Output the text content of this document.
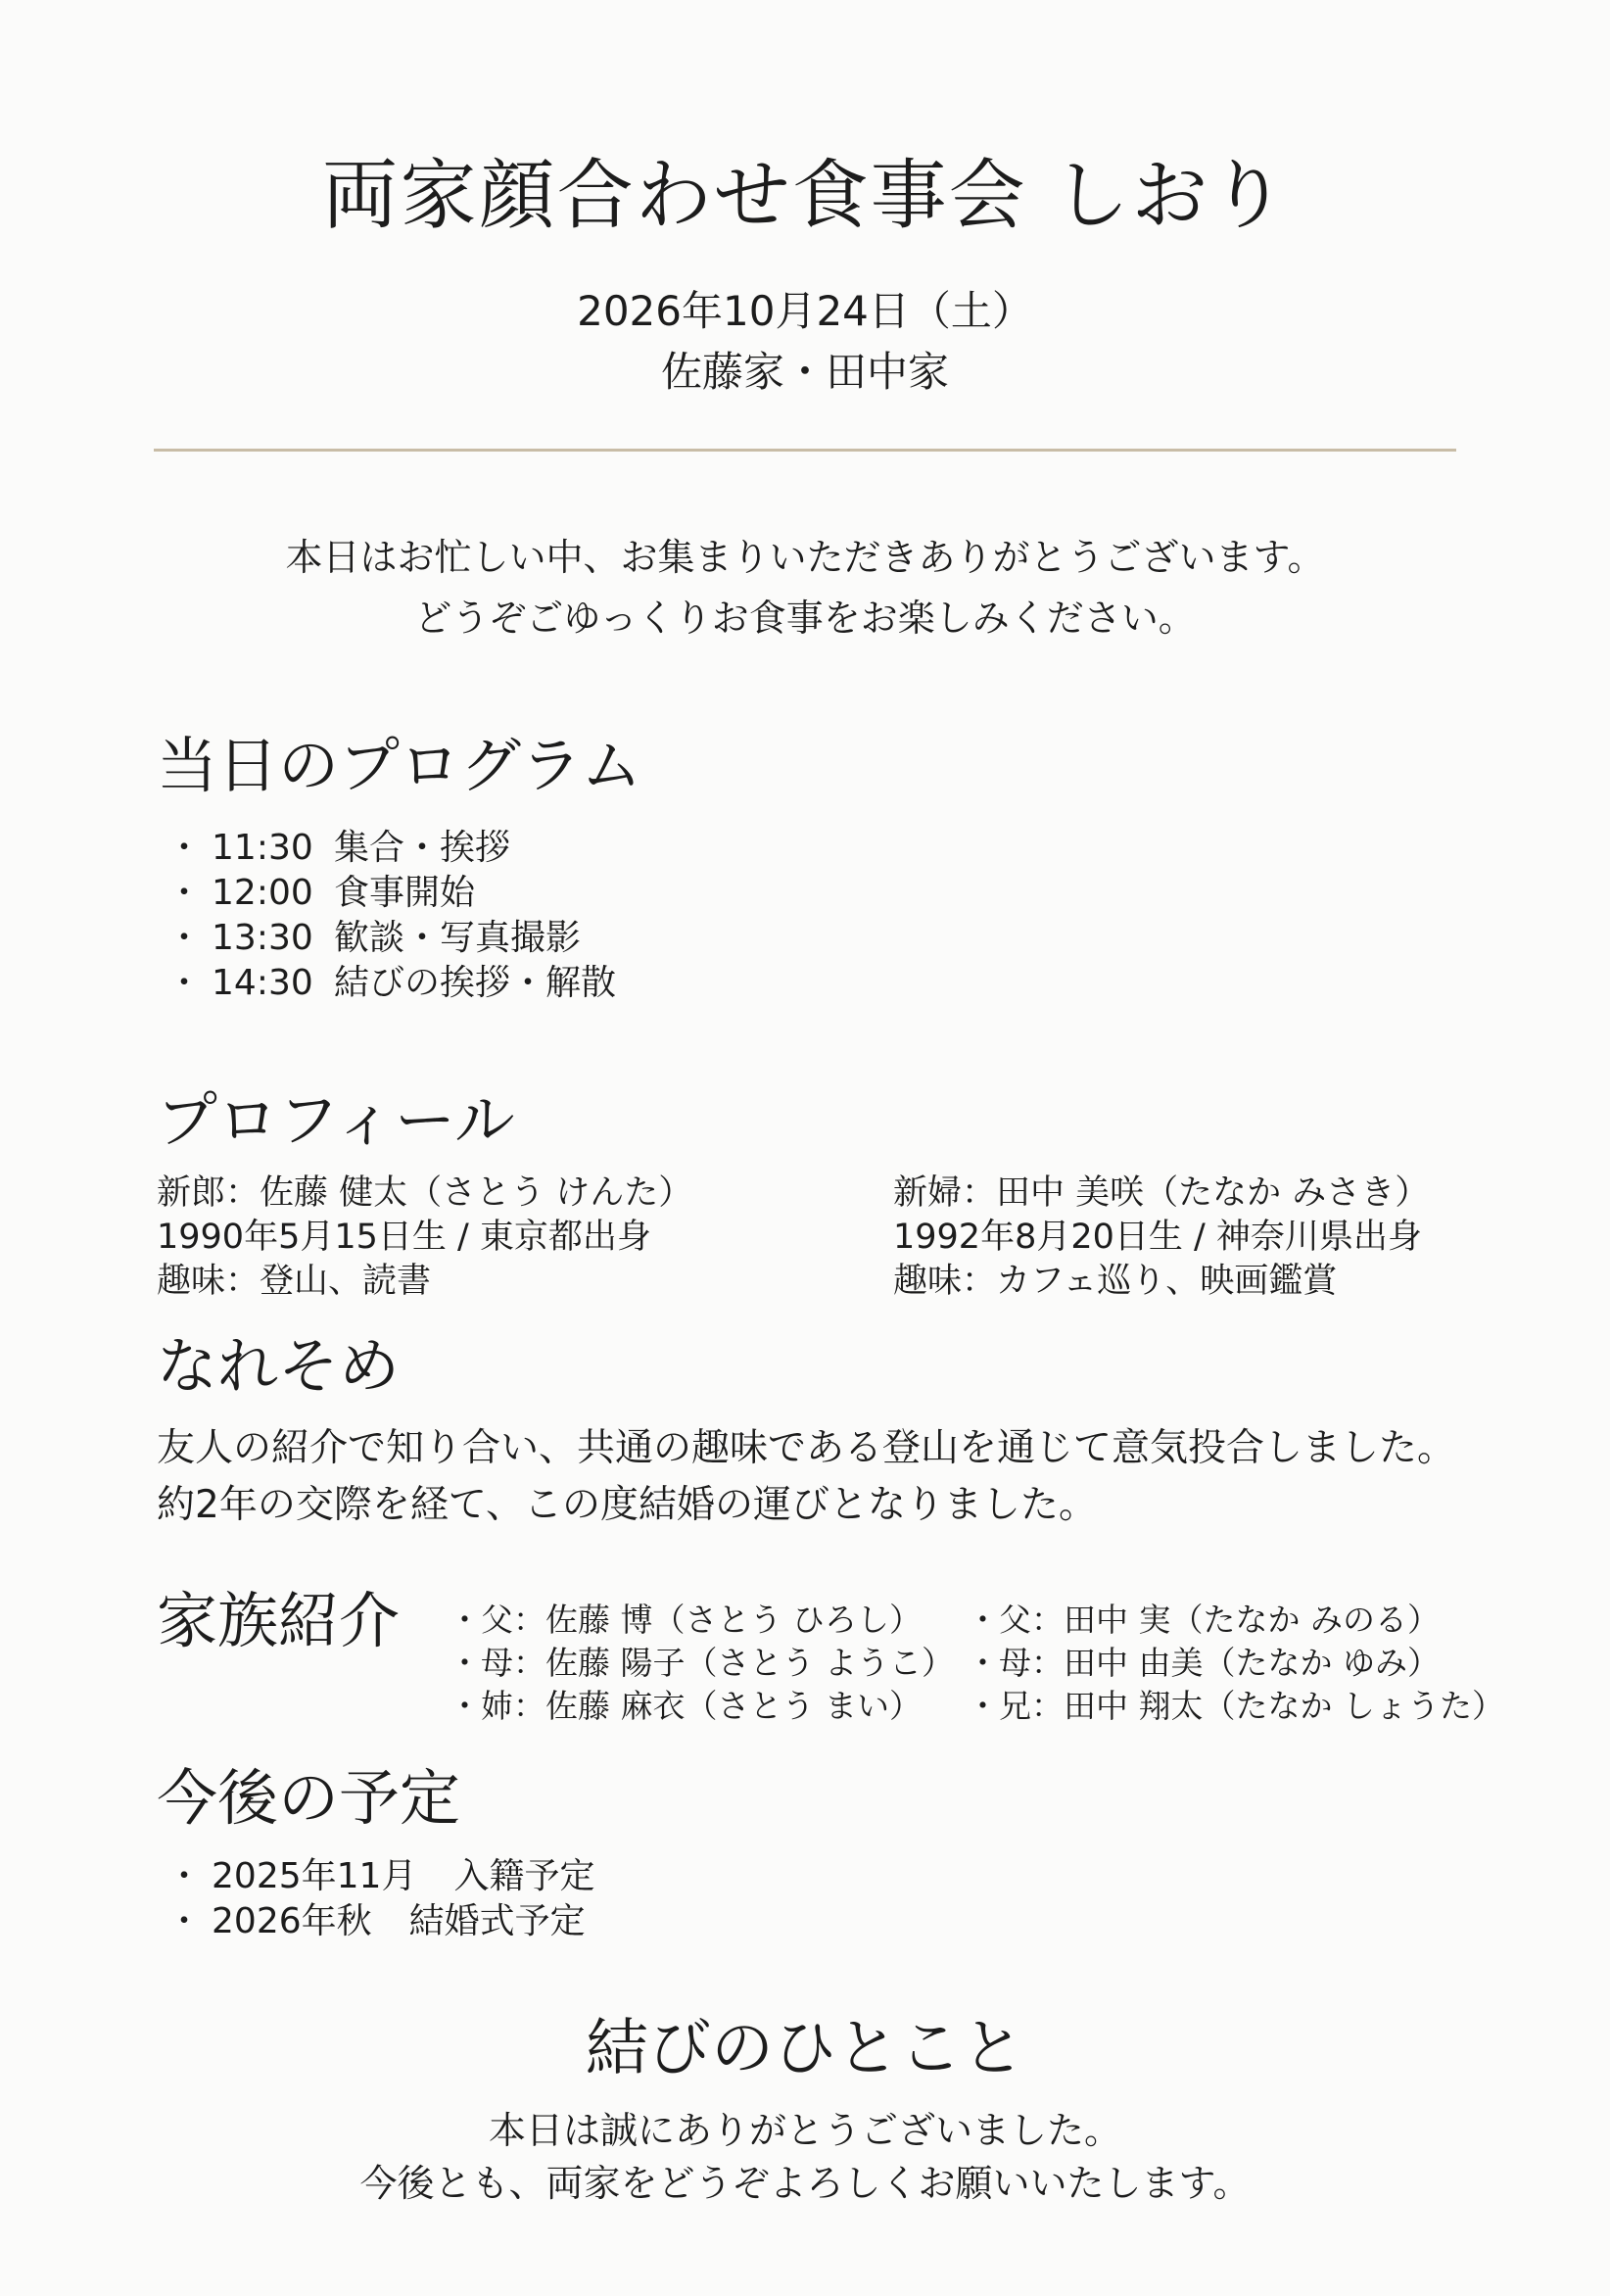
両家顔合わせ食事会 しおり
2026年10月24日（土）
佐藤家・田中家
本日はお忙しい中、お集まりいただきありがとうございます。
どうぞごゆっくりお食事をお楽しみください。
当日のプログラム
・ 11:30 集合・挨拶
・ 12:00 食事開始
・ 13:30 歓談・写真撮影
・ 14:30 結びの挨拶・解散
プロフィール
新郎：佐藤 健太（さとう けんた）
1990年5月15日生 / 東京都出身
趣味：登山、読書
新婦：田中 美咲（たなか みさき）
1992年8月20日生 / 神奈川県出身
趣味：カフェ巡り、映画鑑賞
なれそめ
友人の紹介で知り合い、共通の趣味である登山を通じて意気投合しました。
約2年の交際を経て、この度結婚の運びとなりました。
家族紹介 ・父：佐藤 博（さとう ひろし）
・母：佐藤 陽子（さとう ようこ）
・姉：佐藤 麻衣（さとう まい）
・父：田中 実（たなか みのる）
・母：田中 由美（たなか ゆみ）
・兄：田中 翔太（たなか しょうた）
今後の予定
・ 2025年11月 入籍予定
・ 2026年秋 結婚式予定
結びのひとこと
本日は誠にありがとうございました。
今後とも、両家をどうぞよろしくお願いいたします。
